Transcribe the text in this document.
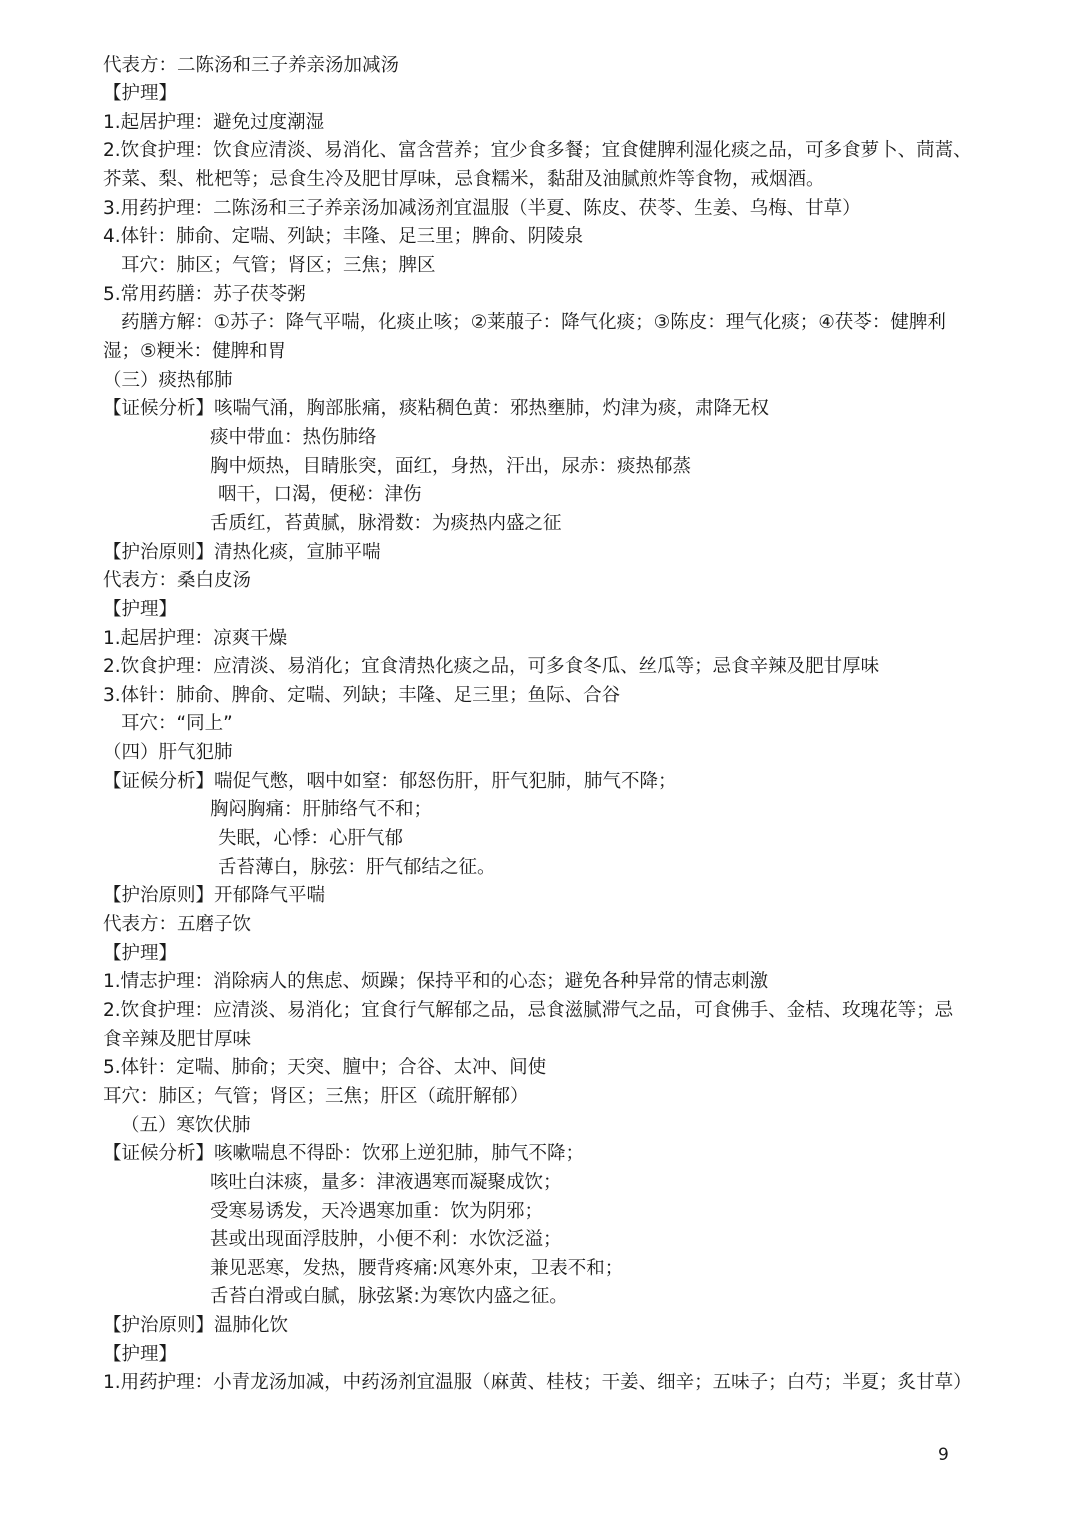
代表方：二陈汤和三子养亲汤加减汤
【护理】
1.起居护理：避免过度潮湿
2.饮食护理：饮食应清淡、易消化、富含营养；宜少食多餐；宜食健脾利湿化痰之品，可多食萝卜、茼蒿、
芥菜、梨、枇杷等；忌食生冷及肥甘厚味，忌食糯米，黏甜及油腻煎炸等食物，戒烟酒。
3.用药护理：二陈汤和三子养亲汤加减汤剂宜温服（半夏、陈皮、茯苓、生姜、乌梅、甘草）
4.体针：肺俞、定喘、列缺；丰隆、足三里；脾俞、阴陵泉
耳穴：肺区；气管；肾区；三焦；脾区
5.常用药膳：苏子茯苓粥
药膳方解：①苏子：降气平喘，化痰止咳；②莱菔子：降气化痰；③陈皮：理气化痰；④茯苓：健脾利
湿；⑤粳米：健脾和胃
（三）痰热郁肺
【证候分析】咳喘气涌，胸部胀痛，痰粘稠色黄：邪热壅肺，灼津为痰，肃降无权
痰中带血：热伤肺络
胸中烦热，目睛胀突，面红，身热，汗出，尿赤：痰热郁蒸
咽干，口渴，便秘：津伤
舌质红，苔黄腻，脉滑数：为痰热内盛之征
【护治原则】清热化痰，宣肺平喘
代表方：桑白皮汤
【护理】
1.起居护理：凉爽干燥
2.饮食护理：应清淡、易消化；宜食清热化痰之品，可多食冬瓜、丝瓜等；忌食辛辣及肥甘厚味
3.体针：肺俞、脾俞、定喘、列缺；丰隆、足三里；鱼际、合谷
耳穴：“同上”
（四）肝气犯肺
【证候分析】喘促气憋，咽中如窒：郁怒伤肝，肝气犯肺，肺气不降；
胸闷胸痛：肝肺络气不和；
失眠，心悸：心肝气郁
舌苔薄白，脉弦：肝气郁结之征。
【护治原则】开郁降气平喘
代表方：五磨子饮
【护理】
1.情志护理：消除病人的焦虑、烦躁；保持平和的心态；避免各种异常的情志刺激
2.饮食护理：应清淡、易消化；宜食行气解郁之品，忌食滋腻滞气之品，可食佛手、金桔、玫瑰花等；忌
食辛辣及肥甘厚味
5.体针：定喘、肺俞；天突、膻中；合谷、太冲、间使
耳穴：肺区；气管；肾区；三焦；肝区（疏肝解郁）
（五）寒饮伏肺
【证候分析】咳嗽喘息不得卧：饮邪上逆犯肺，肺气不降；
咳吐白沫痰，量多：津液遇寒而凝聚成饮；
受寒易诱发，天冷遇寒加重：饮为阴邪；
甚或出现面浮肢肿，小便不利：水饮泛溢；
兼见恶寒，发热，腰背疼痛:风寒外束，卫表不和；
舌苔白滑或白腻，脉弦紧:为寒饮内盛之征。
【护治原则】温肺化饮
【护理】
1.用药护理：小青龙汤加减，中药汤剂宜温服（麻黄、桂枝；干姜、细辛；五味子；白芍；半夏；炙甘草）
9
